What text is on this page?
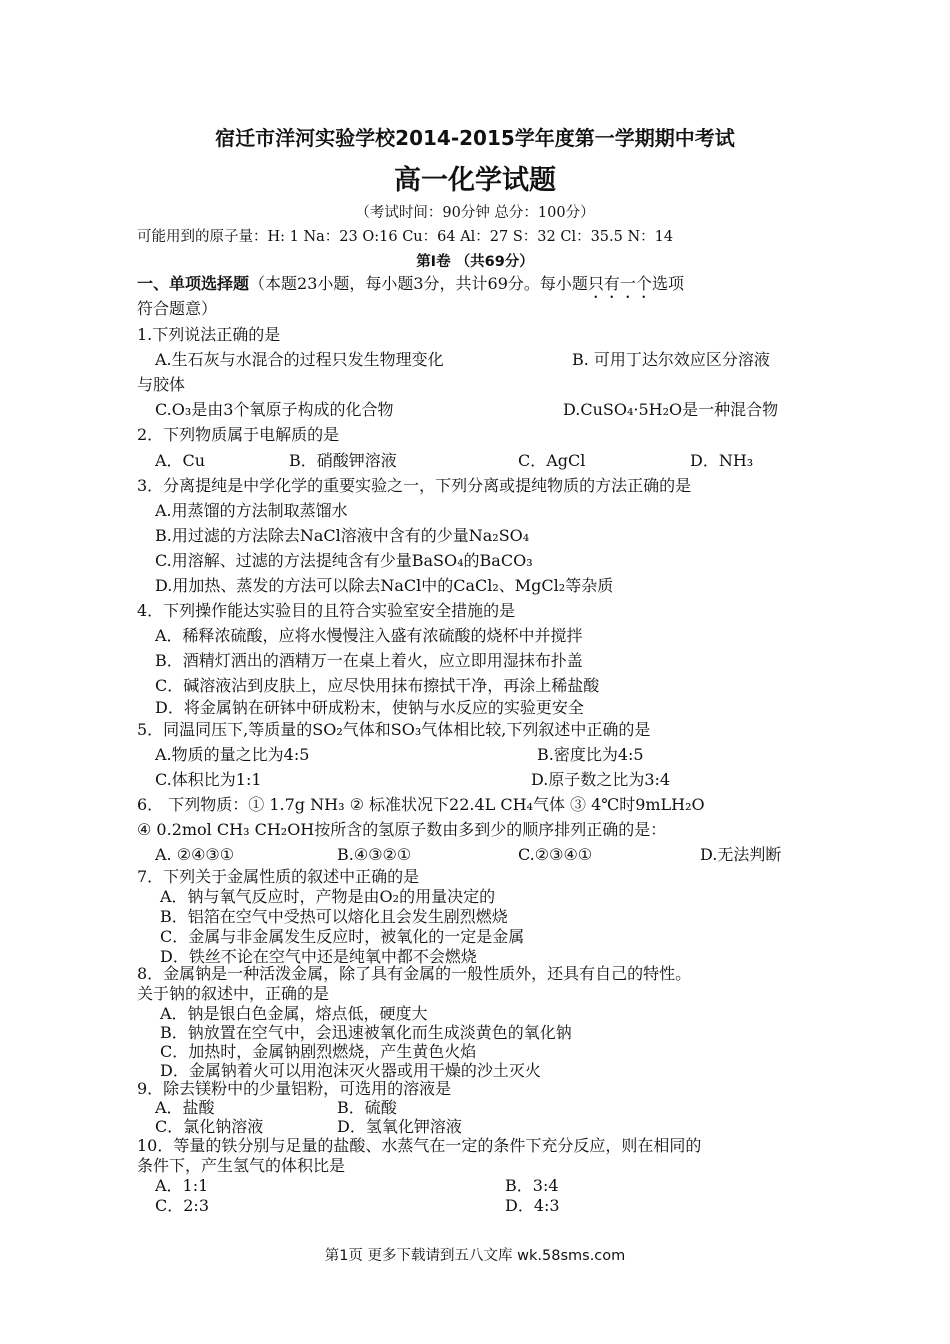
宿迁市洋河实验学校2014-2015学年度第一学期期中考试
高一化学试题
（考试时间：90分钟 总分：100分）
可能用到的原子量：H: 1 Na：23 O:16 Cu：64 Al：27 S：32 Cl：35.5 N：14
第Ⅰ卷 （共69分）
一、单项选择题（本题23小题，每小题3分，共计69分。每小题只有一个选项
符合题意）
1.下列说法正确的是
A.生石灰与水混合的过程只发生物理变化	B. 可用丁达尔效应区分溶液
与胶体
C.O₃是由3个氧原子构成的化合物	D.CuSO₄·5H₂O是一种混合物
2．下列物质属于电解质的是
A．Cu	B．硝酸钾溶液	C．AgCl	D．NH₃
3．分离提纯是中学化学的重要实验之一，下列分离或提纯物质的方法正确的是
A.用蒸馏的方法制取蒸馏水
B.用过滤的方法除去NaCl溶液中含有的少量Na₂SO₄
C.用溶解、过滤的方法提纯含有少量BaSO₄的BaCO₃
D.用加热、蒸发的方法可以除去NaCl中的CaCl₂、MgCl₂等杂质
4．下列操作能达实验目的且符合实验室安全措施的是
A．稀释浓硫酸，应将水慢慢注入盛有浓硫酸的烧杯中并搅拌
B．酒精灯洒出的酒精万一在桌上着火，应立即用湿抹布扑盖
C．碱溶液沾到皮肤上，应尽快用抹布擦拭干净，再涂上稀盐酸
D．将金属钠在研钵中研成粉末，使钠与水反应的实验更安全
5．同温同压下,等质量的SO₂气体和SO₃气体相比较,下列叙述中正确的是
A.物质的量之比为4:5	B.密度比为4:5
C.体积比为1:1	D.原子数之比为3:4
6． 下列物质：① 1.7g NH₃ ② 标准状况下22.4L CH₄气体 ③ 4℃时9mLH₂O
④ 0.2mol CH₃ CH₂OH按所含的氢原子数由多到少的顺序排列正确的是：
A. ②④③①	B.④③②①	C.②③④①	D.无法判断
7．下列关于金属性质的叙述中正确的是
A．钠与氧气反应时，产物是由O₂的用量决定的
B．铝箔在空气中受热可以熔化且会发生剧烈燃烧
C．金属与非金属发生反应时，被氧化的一定是金属
D．铁丝不论在空气中还是纯氧中都不会燃烧
8．金属钠是一种活泼金属，除了具有金属的一般性质外，还具有自己的特性。
关于钠的叙述中，正确的是
A．钠是银白色金属，熔点低，硬度大
B．钠放置在空气中，会迅速被氧化而生成淡黄色的氧化钠
C．加热时，金属钠剧烈燃烧，产生黄色火焰
D．金属钠着火可以用泡沫灭火器或用干燥的沙土灭火
9．除去镁粉中的少量铝粉，可选用的溶液是
A．盐酸	B．硫酸
C．氯化钠溶液	D．氢氧化钾溶液
10．等量的铁分别与足量的盐酸、水蒸气在一定的条件下充分反应，则在相同的
条件下，产生氢气的体积比是
A．1:1	B．3:4
C．2:3	D．4:3
第1页 更多下载请到五八文库 wk.58sms.com
